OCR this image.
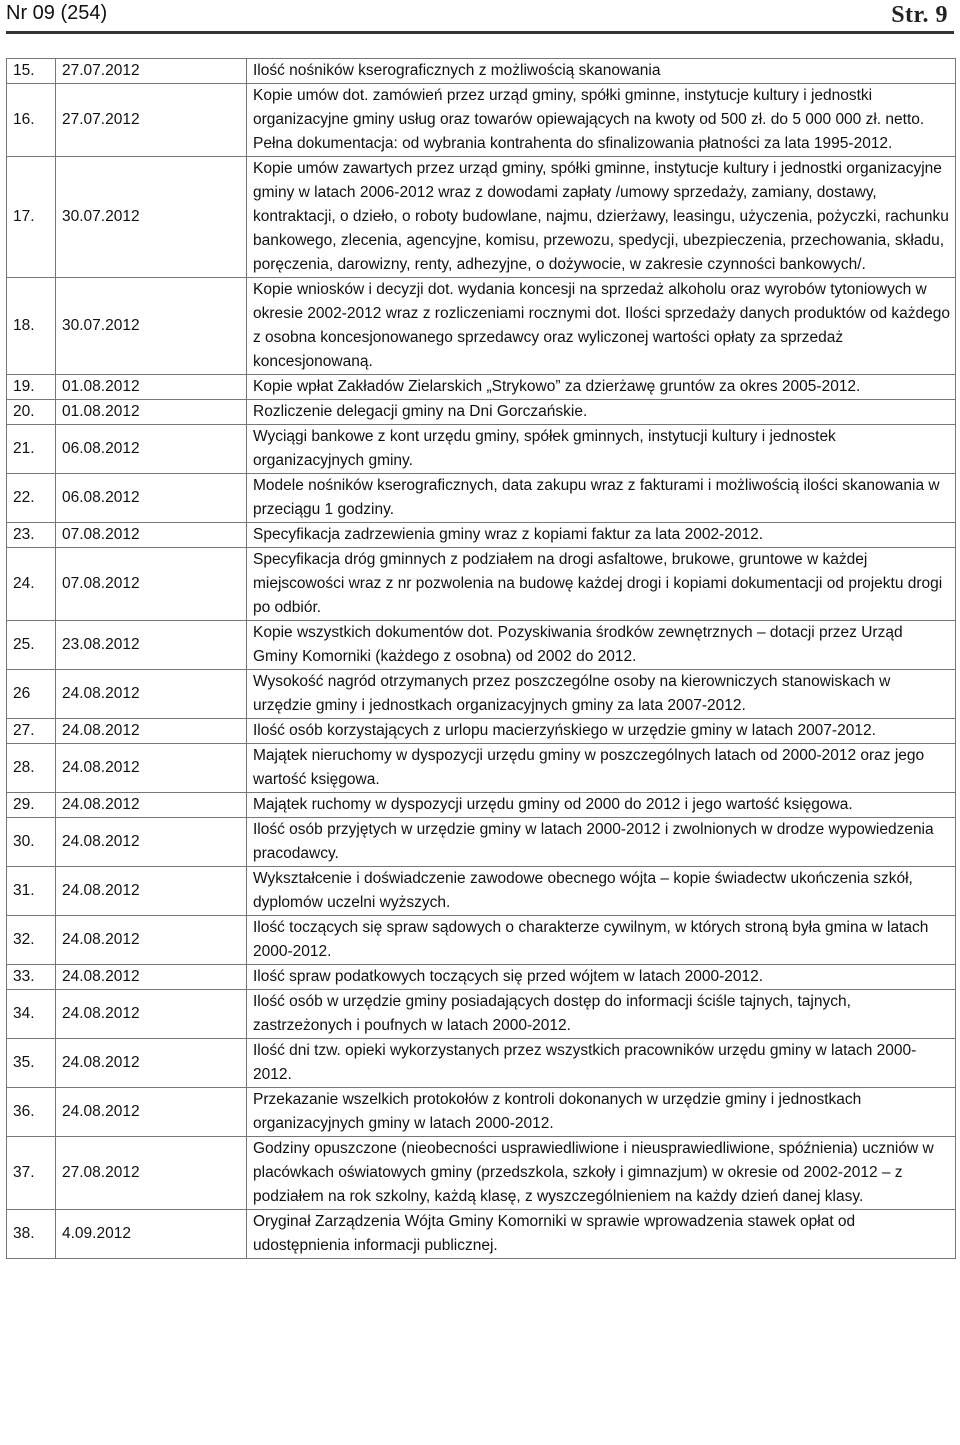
Nr 09 (254)	Str. 9
15.	27.07.2012	Ilość nośników kserograficznych z możliwością skanowania
16.	27.07.2012	Kopie umów dot. zamówień przez urząd gminy, spółki gminne, instytucje kultury i jednostki organizacyjne gminy usług oraz towarów opiewających na kwoty od 500 zł. do 5 000 000 zł. netto. Pełna dokumentacja: od wybrania kontrahenta do sfinalizowania płatności za lata 1995-2012.
17.	30.07.2012	Kopie umów zawartych przez urząd gminy, spółki gminne, instytucje kultury i jednostki organizacyjne gminy w latach 2006-2012 wraz z dowodami zapłaty /umowy sprzedaży, zamiany, dostawy, kontraktacji, o dzieło, o roboty budowlane, najmu, dzierżawy, leasingu, użyczenia, pożyczki, rachunku bankowego, zlecenia, agencyjne, komisu, przewozu, spedycji, ubezpieczenia, przechowania, składu, poręczenia, darowizny, renty, adhezyjne, o dożywocie, w zakresie czynności bankowych/.
18.	30.07.2012	Kopie wniosków i decyzji dot. wydania koncesji na sprzedaż alkoholu oraz wyrobów tytoniowych w okresie 2002-2012 wraz z rozliczeniami rocznymi dot. Ilości sprzedaży danych produktów od każdego z osobna koncesjonowanego sprzedawcy oraz wyliczonej wartości opłaty za sprzedaż koncesjonowaną.
19.	01.08.2012	Kopie wpłat Zakładów Zielarskich „Strykowo” za dzierżawę gruntów za okres 2005-2012.
20.	01.08.2012	Rozliczenie delegacji gminy na Dni Gorczańskie.
21.	06.08.2012	Wyciągi bankowe z kont urzędu gminy, spółek gminnych, instytucji kultury i jednostek organizacyjnych gminy.
22.	06.08.2012	Modele nośników kserograficznych, data zakupu wraz z fakturami i możliwością ilości skanowania w przeciągu 1 godziny.
23.	07.08.2012	Specyfikacja zadrzewienia gminy wraz z kopiami faktur za lata 2002-2012.
24.	07.08.2012	Specyfikacja dróg gminnych z podziałem na drogi asfaltowe, brukowe, gruntowe w każdej miejscowości wraz z nr pozwolenia na budowę każdej drogi i kopiami dokumentacji od projektu drogi po odbiór.
25.	23.08.2012	Kopie wszystkich dokumentów dot. Pozyskiwania środków zewnętrznych – dotacji przez Urząd Gminy Komorniki (każdego z osobna) od 2002 do 2012.
26	24.08.2012	Wysokość nagród otrzymanych przez poszczególne osoby na kierowniczych stanowiskach w urzędzie gminy i jednostkach organizacyjnych gminy za lata 2007-2012.
27.	24.08.2012	Ilość osób korzystających z urlopu macierzyńskiego w urzędzie gminy w latach 2007-2012.
28.	24.08.2012	Majątek nieruchomy w dyspozycji urzędu gminy w poszczególnych latach od 2000-2012 oraz jego wartość księgowa.
29.	24.08.2012	Majątek ruchomy w dyspozycji urzędu gminy od 2000 do 2012 i jego wartość księgowa.
30.	24.08.2012	Ilość osób przyjętych w urzędzie gminy w latach 2000-2012 i zwolnionych w drodze wypowiedzenia pracodawcy.
31.	24.08.2012	Wykształcenie i doświadczenie zawodowe obecnego wójta – kopie świadectw ukończenia szkół, dyplomów uczelni wyższych.
32.	24.08.2012	Ilość toczących się spraw sądowych o charakterze cywilnym, w których stroną była gmina w latach 2000-2012.
33.	24.08.2012	Ilość spraw podatkowych toczących się przed wójtem w latach 2000-2012.
34.	24.08.2012	Ilość osób w urzędzie gminy posiadających dostęp do informacji ściśle tajnych, tajnych, zastrzeżonych i poufnych w latach 2000-2012.
35.	24.08.2012	Ilość dni tzw. opieki wykorzystanych przez wszystkich pracowników urzędu gminy w latach 2000-2012.
36.	24.08.2012	Przekazanie wszelkich protokołów z kontroli dokonanych w urzędzie gminy i jednostkach organizacyjnych gminy w latach 2000-2012.
37.	27.08.2012	Godziny opuszczone (nieobecności usprawiedliwione i nieusprawiedliwione, spóźnienia) uczniów w placówkach oświatowych gminy (przedszkola, szkoły i gimnazjum) w okresie od 2002-2012 – z podziałem na rok szkolny, każdą klasę, z wyszczególnieniem na każdy dzień danej klasy.
38.	4.09.2012	Oryginał Zarządzenia Wójta Gminy Komorniki w sprawie wprowadzenia stawek opłat od udostępnienia informacji publicznej.
